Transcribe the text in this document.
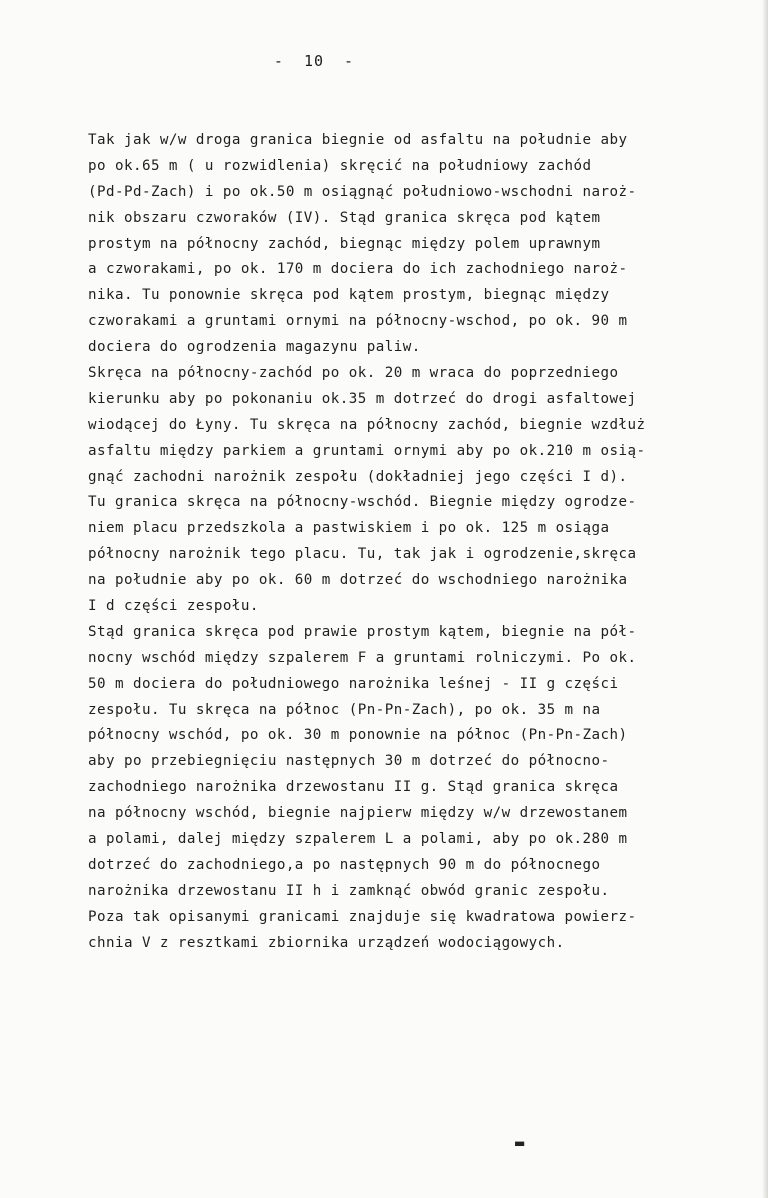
- 10 -
Tak jak w/w droga granica biegnie od asfaltu na południe aby
po ok.65 m ( u rozwidlenia) skręcić na południowy zachód
(Pd-Pd-Zach) i po ok.50 m osiągnąć południowo-wschodni naroż-
nik obszaru czworaków (IV). Stąd granica skręca pod kątem
prostym na północny zachód, biegnąc między polem uprawnym
a czworakami, po ok. 170 m dociera do ich zachodniego naroż-
nika. Tu ponownie skręca pod kątem prostym, biegnąc między
czworakami a gruntami ornymi na północny-wschod, po ok. 90 m
dociera do ogrodzenia magazynu paliw.
Skręca na północny-zachód po ok. 20 m wraca do poprzedniego
kierunku aby po pokonaniu ok.35 m dotrzeć do drogi asfaltowej
wiodącej do Łyny. Tu skręca na północny zachód, biegnie wzdłuż
asfaltu między parkiem a gruntami ornymi aby po ok.210 m osią-
gnąć zachodni narożnik zespołu (dokładniej jego części I d).
Tu granica skręca na północny-wschód. Biegnie między ogrodze-
niem placu przedszkola a pastwiskiem i po ok. 125 m osiąga
północny narożnik tego placu. Tu, tak jak i ogrodzenie,skręca
na południe aby po ok. 60 m dotrzeć do wschodniego narożnika
I d części zespołu.
Stąd granica skręca pod prawie prostym kątem, biegnie na pół-
nocny wschód między szpalerem F a gruntami rolniczymi. Po ok.
50 m dociera do południowego narożnika leśnej - II g części
zespołu. Tu skręca na północ (Pn-Pn-Zach), po ok. 35 m na
północny wschód, po ok. 30 m ponownie na północ (Pn-Pn-Zach)
aby po przebiegnięciu następnych 30 m dotrzeć do północno-
zachodniego narożnika drzewostanu II g. Stąd granica skręca
na północny wschód, biegnie najpierw między w/w drzewostanem
a polami, dalej między szpalerem L a polami, aby po ok.280 m
dotrzeć do zachodniego,a po następnych 90 m do północnego
narożnika drzewostanu II h i zamknąć obwód granic zespołu.
Poza tak opisanymi granicami znajduje się kwadratowa powierz-
chnia V z resztkami zbiornika urządzeń wodociągowych.
▬
